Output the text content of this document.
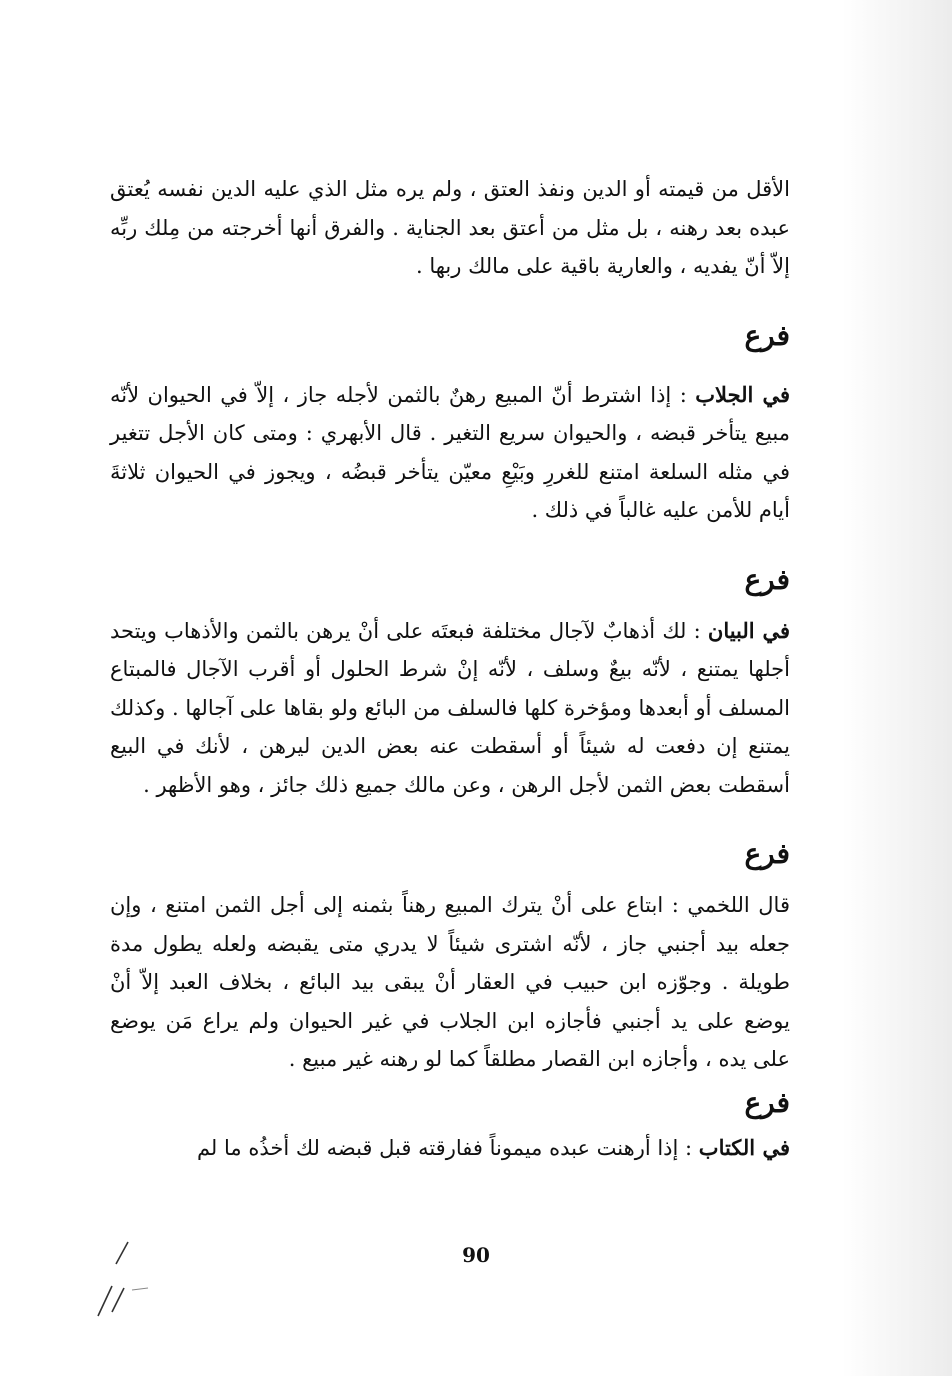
الأقل من قيمته أو الدين ونفذ العتق ، ولم يره مثل الذي عليه الدين نفسه يُعتق عبده بعد رهنه ، بل مثل من أعتق بعد الجناية . والفرق أنها أخرجته من مِلك ربِّه إلاّ أنّ يفديه ، والعارية باقية على مالك ربها .

فرع

في الجلاب : إذا اشترط أنّ المبيع رهنٌ بالثمن لأجله جاز ، إلاّ في الحيوان لأنّه مبيع يتأخر قبضه ، والحيوان سريع التغير . قال الأبهري : ومتى كان الأجل تتغير في مثله السلعة امتنع للغررِ وبَيْعِ معيّن يتأخر قبضُه ، ويجوز في الحيوان ثلاثةَ أيام للأمن عليه غالباً في ذلك .

فرع

في البيان : لك أذهابٌ لآجال مختلفة فبعتَه على أنْ يرهن بالثمن والأذهاب ويتحد أجلها يمتنع ، لأنّه بيعٌ وسلف ، لأنّه إنْ شرط الحلول أو أقرب الآجال فالمبتاع المسلف أو أبعدها ومؤخرة كلها فالسلف من البائع ولو بقاها على آجالها . وكذلك يمتنع إن دفعت له شيئاً أو أسقطت عنه بعض الدين ليرهن ، لأنك في البيع أسقطت بعض الثمن لأجل الرهن ، وعن مالك جميع ذلك جائز ، وهو الأظهر .

فرع

قال اللخمي : ابتاع على أنْ يترك المبيع رهناً بثمنه إلى أجل الثمن امتنع ، وإن جعله بيد أجنبي جاز ، لأنّه اشترى شيئاً لا يدري متى يقبضه ولعله يطول مدة طويلة . وجوّزه ابن حبيب في العقار أنْ يبقى بيد البائع ، بخلاف العبد إلاّ أنْ يوضع على يد أجنبي فأجازه ابن الجلاب في غير الحيوان ولم يراع مَن يوضع على يده ، وأجازه ابن القصار مطلقاً كما لو رهنه غير مبيع .

فرع

في الكتاب : إذا أرهنت عبده ميموناً ففارقته قبل قبضه لك أخذُه ما لم

90
